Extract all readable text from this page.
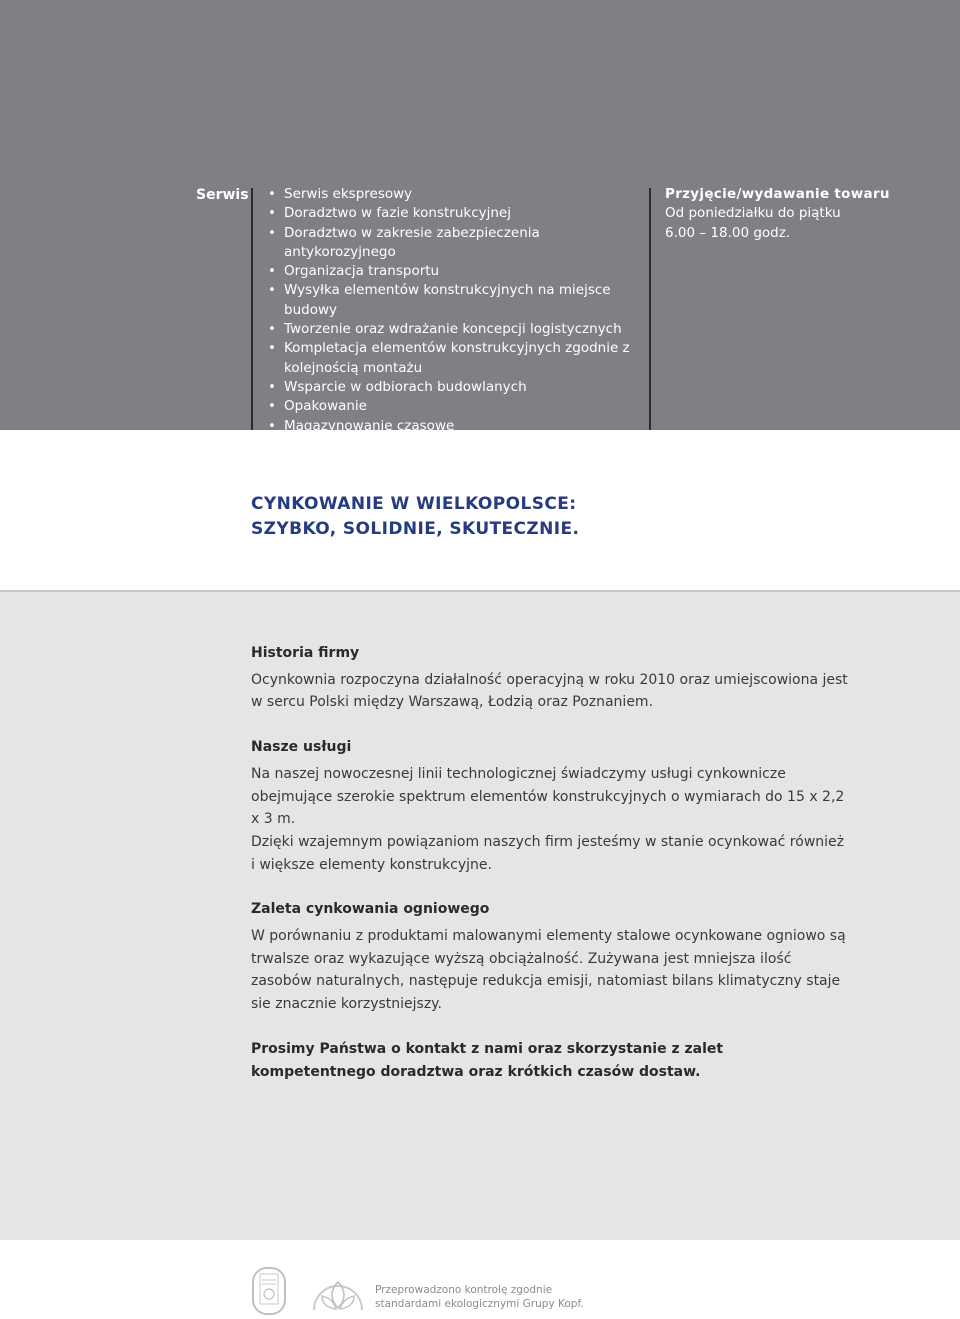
Serwis
•	Serwis ekspresowy
• Doradztwo w fazie konstrukcyjnej
• Doradztwo w zakresie zabezpieczenia antykorozyjnego
• Organizacja transportu
• Wysyłka elementów konstrukcyjnych na miejsce budowy
• Tworzenie oraz wdrażanie koncepcji logistycznych
• Kompletacja elementów konstrukcyjnych zgodnie z kolejnością montażu
• Wsparcie w odbiorach budowlanych
• Opakowanie
• Magazynowanie czasowe
Przyjęcie/wydawanie towaru
Od poniedziałku do piątku
6.00 – 18.00 godz.
CYNKOWANIE W WIELKOPOLSCE:
SZYBKO, SOLIDNIE, SKUTECZNIE.
Historia firmy

Ocynkownia rozpoczyna działalność operacyjną w roku 2010 oraz umiejscowiona jest w sercu Polski między Warszawą, Łodzią oraz Poznaniem.

Nasze usługi

Na naszej nowoczesnej linii technologicznej świadczymy usługi cynkownicze obejmujące szerokie spektrum elementów konstrukcyjnych o wymiarach do 15 x 2,2 x 3 m.

Dzięki wzajemnym powiązaniom naszych firm jesteśmy w stanie ocynkować również i większe elementy konstrukcyjne.

Zaleta cynkowania ogniowego

W porównaniu z produktami malowanymi elementy stalowe ocynkowane ogniowo są trwalsze oraz wykazujące wyższą obciążalność. Zużywana jest mniejsza ilość zasobów naturalnych, następuje redukcja emisji, natomiast bilans klimatyczny staje sie znacznie korzystniejszy.

Prosimy Państwa o kontakt z nami oraz skorzystanie z zalet kompetentnego doradztwa oraz krótkich czasów dostaw.

Przeprowadzono kontrolę zgodnie
standardami ekologicznymi Grupy Kopf.
